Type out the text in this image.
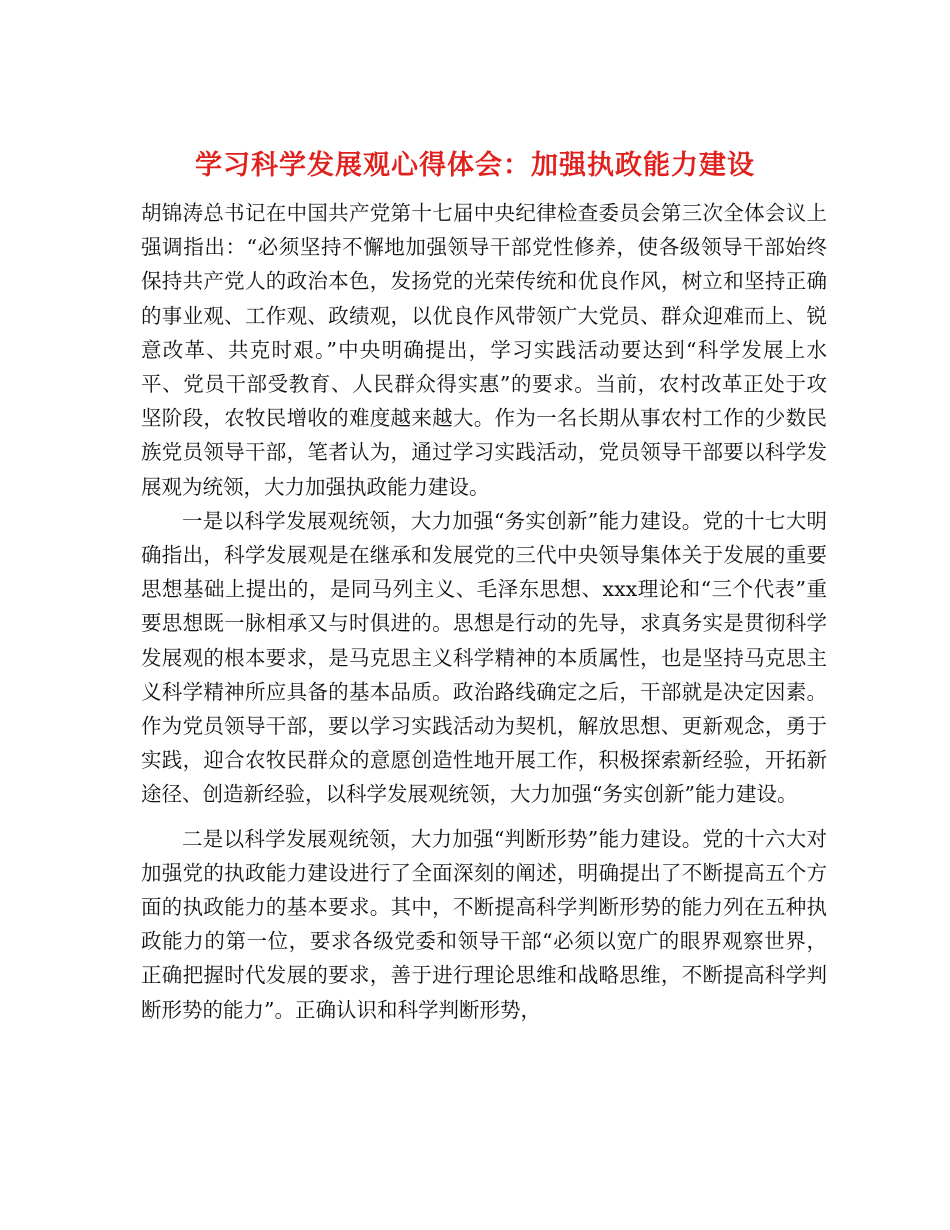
学习科学发展观心得体会：加强执政能力建设

胡锦涛总书记在中国共产党第十七届中央纪律检查委员会第三次全体会议上强调指出：“必须坚持不懈地加强领导干部党性修养，使各级领导干部始终保持共产党人的政治本色，发扬党的光荣传统和优良作风，树立和坚持正确的事业观、工作观、政绩观，以优良作风带领广大党员、群众迎难而上、锐意改革、共克时艰。”中央明确提出，学习实践活动要达到“科学发展上水平、党员干部受教育、人民群众得实惠”的要求。当前，农村改革正处于攻坚阶段，农牧民增收的难度越来越大。作为一名长期从事农村工作的少数民族党员领导干部，笔者认为，通过学习实践活动，党员领导干部要以科学发展观为统领，大力加强执政能力建设。

一是以科学发展观统领，大力加强“务实创新”能力建设。党的十七大明确指出，科学发展观是在继承和发展党的三代中央领导集体关于发展的重要思想基础上提出的，是同马列主义、毛泽东思想、xxx理论和“三个代表”重要思想既一脉相承又与时俱进的。思想是行动的先导，求真务实是贯彻科学发展观的根本要求，是马克思主义科学精神的本质属性，也是坚持马克思主义科学精神所应具备的基本品质。政治路线确定之后，干部就是决定因素。作为党员领导干部，要以学习实践活动为契机，解放思想、更新观念，勇于实践，迎合农牧民群众的意愿创造性地开展工作，积极探索新经验，开拓新途径、创造新经验，以科学发展观统领，大力加强“务实创新”能力建设。

二是以科学发展观统领，大力加强“判断形势”能力建设。党的十六大对加强党的执政能力建设进行了全面深刻的阐述，明确提出了不断提高五个方面的执政能力的基本要求。其中，不断提高科学判断形势的能力列在五种执政能力的第一位，要求各级党委和领导干部“必须以宽广的眼界观察世界，正确把握时代发展的要求，善于进行理论思维和战略思维，不断提高科学判断形势的能力”。正确认识和科学判断形势，
